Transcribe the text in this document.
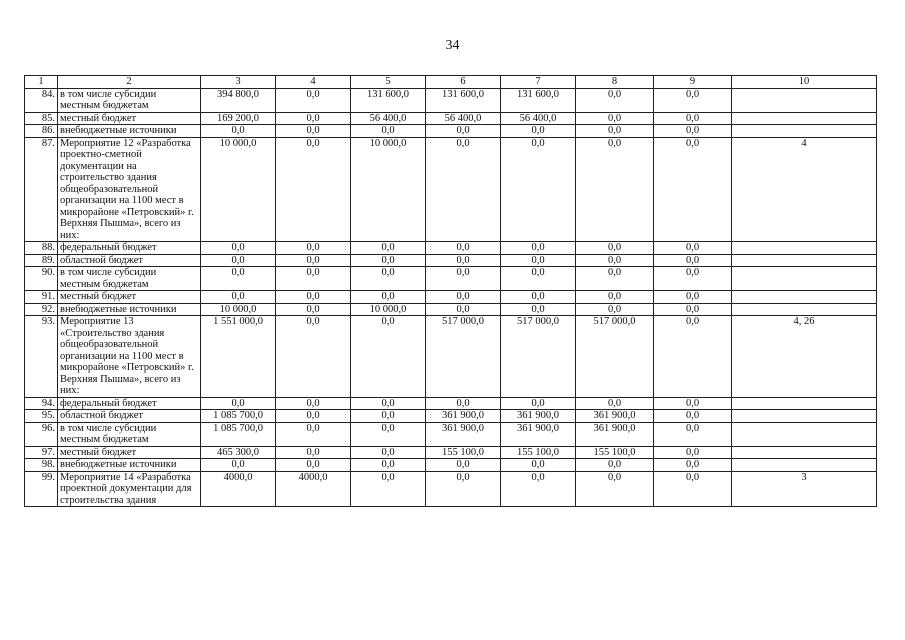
34
1	2	3	4	5	6	7	8	9	10
84.	в том числе субсидии местным бюджетам	394 800,0	0,0	131 600,0	131 600,0	131 600,0	0,0	0,0	
85.	местный бюджет	169 200,0	0,0	56 400,0	56 400,0	56 400,0	0,0	0,0	
86.	внебюджетные источники	0,0	0,0	0,0	0,0	0,0	0,0	0,0	
87.	Мероприятие 12 «Разработка проектно-сметной документации на строительство здания общеобразовательной организации на 1100 мест в микрорайоне «Петровский» г. Верхняя Пышма», всего из них:	10 000,0	0,0	10 000,0	0,0	0,0	0,0	0,0	4
88.	федеральный бюджет	0,0	0,0	0,0	0,0	0,0	0,0	0,0	
89.	областной бюджет	0,0	0,0	0,0	0,0	0,0	0,0	0,0	
90.	в том числе субсидии местным бюджетам	0,0	0,0	0,0	0,0	0,0	0,0	0,0	
91.	местный бюджет	0,0	0,0	0,0	0,0	0,0	0,0	0,0	
92.	внебюджетные источники	10 000,0	0,0	10 000,0	0,0	0,0	0,0	0,0	
93.	Мероприятие 13 «Строительство здания общеобразовательной организации на 1100 мест в микрорайоне «Петровский» г. Верхняя Пышма», всего из них:	1 551 000,0	0,0	0,0	517 000,0	517 000,0	517 000,0	0,0	4, 26
94.	федеральный бюджет	0,0	0,0	0,0	0,0	0,0	0,0	0,0	
95.	областной бюджет	1 085 700,0	0,0	0,0	361 900,0	361 900,0	361 900,0	0,0	
96.	в том числе субсидии местным бюджетам	1 085 700,0	0,0	0,0	361 900,0	361 900,0	361 900,0	0,0	
97.	местный бюджет	465 300,0	0,0	0,0	155 100,0	155 100,0	155 100,0	0,0	
98.	внебюджетные источники	0,0	0,0	0,0	0,0	0,0	0,0	0,0	
99.	Мероприятие 14 «Разработка проектной документации для строительства здания	4000,0	4000,0	0,0	0,0	0,0	0,0	0,0	3
